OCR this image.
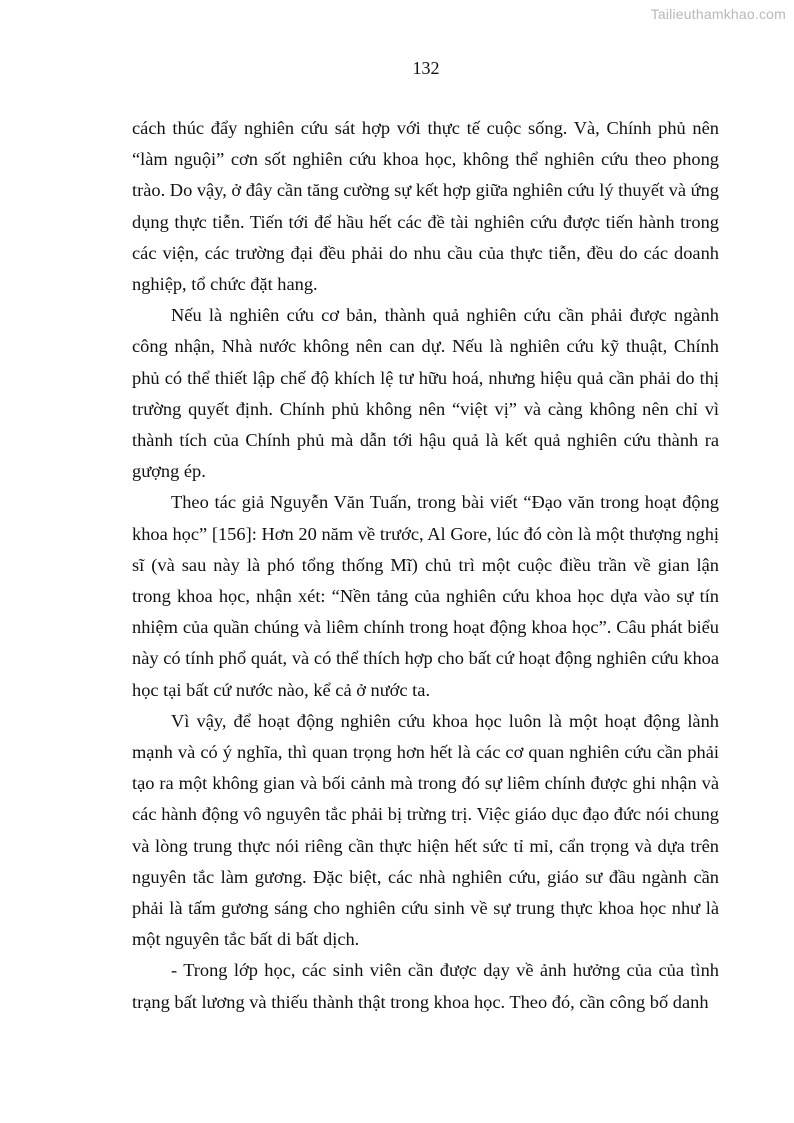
Tailieuthamkhao.com
132

cách thúc đẩy nghiên cứu sát hợp với thực tế cuộc sống. Và, Chính phủ nên “làm nguội” cơn sốt nghiên cứu khoa học, không thể nghiên cứu theo phong trào. Do vậy, ở đây cần tăng cường sự kết hợp giữa nghiên cứu lý thuyết và ứng dụng thực tiễn. Tiến tới để hầu hết các đề tài nghiên cứu được tiến hành trong các viện, các trường đại đều phải do nhu cầu của thực tiễn, đều do các doanh nghiệp, tổ chức đặt hang.

Nếu là nghiên cứu cơ bản, thành quả nghiên cứu cần phải được ngành công nhận, Nhà nước không nên can dự. Nếu là nghiên cứu kỹ thuật, Chính phủ có thể thiết lập chế độ khích lệ tư hữu hoá, nhưng hiệu quả cần phải do thị trường quyết định. Chính phủ không nên “việt vị” và càng không nên chỉ vì thành tích của Chính phủ mà dẫn tới hậu quả là kết quả nghiên cứu thành ra gượng ép.

Theo tác giả Nguyễn Văn Tuấn, trong bài viết “Đạo văn trong hoạt động khoa học” [156]: Hơn 20 năm về trước, Al Gore, lúc đó còn là một thượng nghị sĩ (và sau này là phó tổng thống Mĩ) chủ trì một cuộc điều trần về gian lận trong khoa học, nhận xét: “Nền tảng của nghiên cứu khoa học dựa vào sự tín nhiệm của quần chúng và liêm chính trong hoạt động khoa học”. Câu phát biểu này có tính phổ quát, và có thể thích hợp cho bất cứ hoạt động nghiên cứu khoa học tại bất cứ nước nào, kể cả ở nước ta.

Vì vậy, để hoạt động nghiên cứu khoa học luôn là một hoạt động lành mạnh và có ý nghĩa, thì quan trọng hơn hết là các cơ quan nghiên cứu cần phải tạo ra một không gian và bối cảnh mà trong đó sự liêm chính được ghi nhận và các hành động vô nguyên tắc phải bị trừng trị. Việc giáo dục đạo đức nói chung và lòng trung thực nói riêng cần thực hiện hết sức tỉ mỉ, cẩn trọng và dựa trên nguyên tắc làm gương. Đặc biệt, các nhà nghiên cứu, giáo sư đầu ngành cần phải là tấm gương sáng cho nghiên cứu sinh về sự trung thực khoa học như là một nguyên tắc bất di bất dịch.

- Trong lớp học, các sinh viên cần được dạy về ảnh hưởng của của tình trạng bất lương và thiếu thành thật trong khoa học. Theo đó, cần công bố danh
